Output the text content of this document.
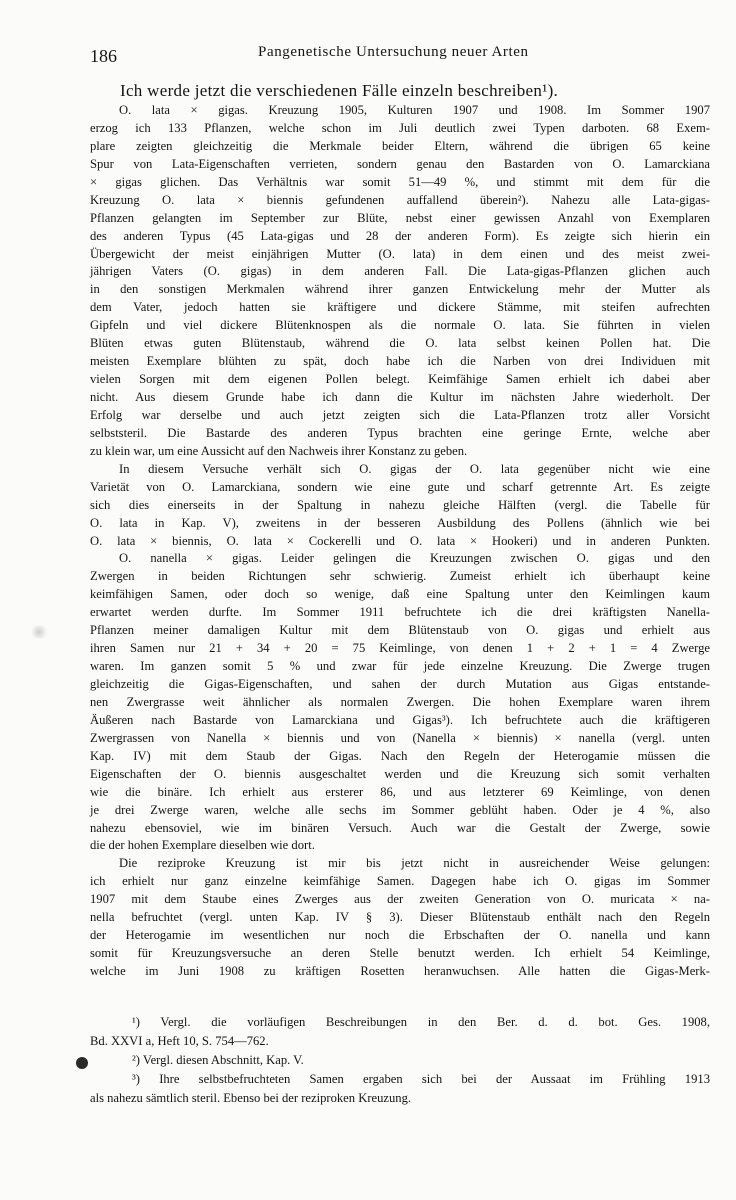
186	Pangenetische Untersuchung neuer Arten
Ich werde jetzt die verschiedenen Fälle einzeln beschreiben¹).
O. lata × gigas. Kreuzung 1905, Kulturen 1907 und 1908. Im Sommer 1907
erzog ich 133 Pflanzen, welche schon im Juli deutlich zwei Typen darboten. 68 Exem-
plare zeigten gleichzeitig die Merkmale beider Eltern, während die übrigen 65 keine
Spur von Lata-Eigenschaften verrieten, sondern genau den Bastarden von O. Lamarckiana
× gigas glichen. Das Verhältnis war somit 51—49 %, und stimmt mit dem für die
Kreuzung O. lata × biennis gefundenen auffallend überein²). Nahezu alle Lata-gigas-
Pflanzen gelangten im September zur Blüte, nebst einer gewissen Anzahl von Exemplaren
des anderen Typus (45 Lata-gigas und 28 der anderen Form). Es zeigte sich hierin ein
Übergewicht der meist einjährigen Mutter (O. lata) in dem einen und des meist zwei-
jährigen Vaters (O. gigas) in dem anderen Fall. Die Lata-gigas-Pflanzen glichen auch
in den sonstigen Merkmalen während ihrer ganzen Entwickelung mehr der Mutter als
dem Vater, jedoch hatten sie kräftigere und dickere Stämme, mit steifen aufrechten
Gipfeln und viel dickere Blütenknospen als die normale O. lata. Sie führten in vielen
Blüten etwas guten Blütenstaub, während die O. lata selbst keinen Pollen hat. Die
meisten Exemplare blühten zu spät, doch habe ich die Narben von drei Individuen mit
vielen Sorgen mit dem eigenen Pollen belegt. Keimfähige Samen erhielt ich dabei aber
nicht. Aus diesem Grunde habe ich dann die Kultur im nächsten Jahre wiederholt. Der
Erfolg war derselbe und auch jetzt zeigten sich die Lata-Pflanzen trotz aller Vorsicht
selbststeril. Die Bastarde des anderen Typus brachten eine geringe Ernte, welche aber
zu klein war, um eine Aussicht auf den Nachweis ihrer Konstanz zu geben.
In diesem Versuche verhält sich O. gigas der O. lata gegenüber nicht wie eine
Varietät von O. Lamarckiana, sondern wie eine gute und scharf getrennte Art. Es zeigte
sich dies einerseits in der Spaltung in nahezu gleiche Hälften (vergl. die Tabelle für
O. lata in Kap. V), zweitens in der besseren Ausbildung des Pollens (ähnlich wie bei
O. lata × biennis, O. lata × Cockerelli und O. lata × Hookeri) und in anderen Punkten.
O. nanella × gigas. Leider gelingen die Kreuzungen zwischen O. gigas und den
Zwergen in beiden Richtungen sehr schwierig. Zumeist erhielt ich überhaupt keine
keimfähigen Samen, oder doch so wenige, daß eine Spaltung unter den Keimlingen kaum
erwartet werden durfte. Im Sommer 1911 befruchtete ich die drei kräftigsten Nanella-
Pflanzen meiner damaligen Kultur mit dem Blütenstaub von O. gigas und erhielt aus
ihren Samen nur 21 + 34 + 20 = 75 Keimlinge, von denen 1 + 2 + 1 = 4 Zwerge
waren. Im ganzen somit 5 % und zwar für jede einzelne Kreuzung. Die Zwerge trugen
gleichzeitig die Gigas-Eigenschaften, und sahen der durch Mutation aus Gigas entstande-
nen Zwergrasse weit ähnlicher als normalen Zwergen. Die hohen Exemplare waren ihrem
Äußeren nach Bastarde von Lamarckiana und Gigas³). Ich befruchtete auch die kräftigeren
Zwergrassen von Nanella × biennis und von (Nanella × biennis) × nanella (vergl. unten
Kap. IV) mit dem Staub der Gigas. Nach den Regeln der Heterogamie müssen die
Eigenschaften der O. biennis ausgeschaltet werden und die Kreuzung sich somit verhalten
wie die binäre. Ich erhielt aus ersterer 86, und aus letzterer 69 Keimlinge, von denen
je drei Zwerge waren, welche alle sechs im Sommer geblüht haben. Oder je 4 %, also
nahezu ebensoviel, wie im binären Versuch. Auch war die Gestalt der Zwerge, sowie
die der hohen Exemplare dieselben wie dort.
Die reziproke Kreuzung ist mir bis jetzt nicht in ausreichender Weise gelungen:
ich erhielt nur ganz einzelne keimfähige Samen. Dagegen habe ich O. gigas im Sommer
1907 mit dem Staube eines Zwerges aus der zweiten Generation von O. muricata × na-
nella befruchtet (vergl. unten Kap. IV § 3). Dieser Blütenstaub enthält nach den Regeln
der Heterogamie im wesentlichen nur noch die Erbschaften der O. nanella und kann
somit für Kreuzungsversuche an deren Stelle benutzt werden. Ich erhielt 54 Keimlinge,
welche im Juni 1908 zu kräftigen Rosetten heranwuchsen. Alle hatten die Gigas-Merk-
¹) Vergl. die vorläufigen Beschreibungen in den Ber. d. d. bot. Ges. 1908,
Bd. XXVI a, Heft 10, S. 754—762.
²) Vergl. diesen Abschnitt, Kap. V.
³) Ihre selbstbefruchteten Samen ergaben sich bei der Aussaat im Frühling 1913
als nahezu sämtlich steril. Ebenso bei der reziproken Kreuzung.
